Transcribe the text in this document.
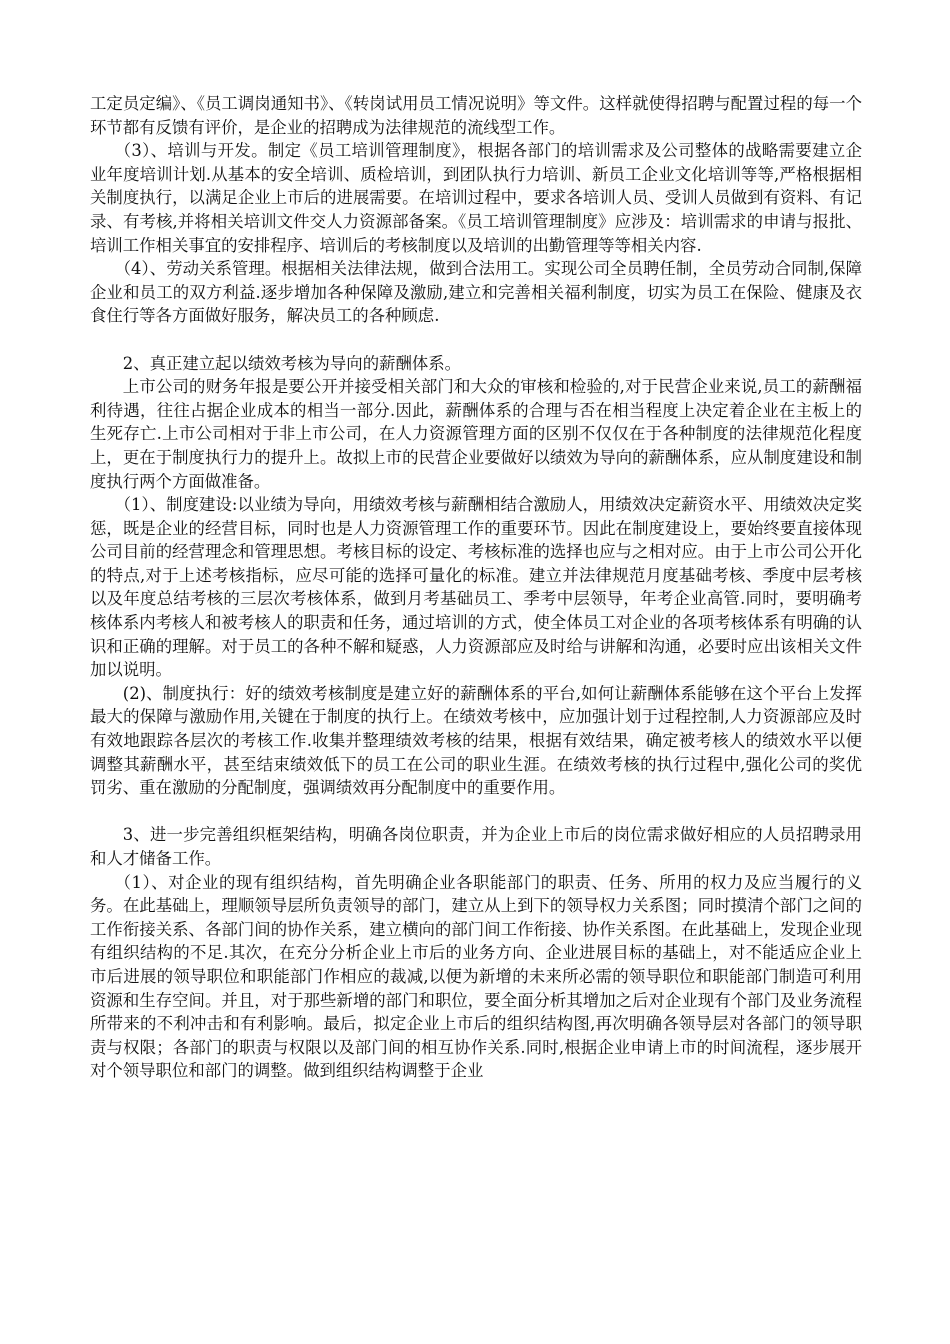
工定员定编》、《员工调岗通知书》、《转岗试用员工情况说明》等文件。这样就使得招聘与配置过程的每一个环节都有反馈有评价，是企业的招聘成为法律规范的流线型工作。

（3）、培训与开发。制定《员工培训管理制度》，根据各部门的培训需求及公司整体的战略需要建立企业年度培训计划.从基本的安全培训、质检培训，到团队执行力培训、新员工企业文化培训等等,严格根据相关制度执行，以满足企业上市后的进展需要。在培训过程中，要求各培训人员、受训人员做到有资料、有记录、有考核,并将相关培训文件交人力资源部备案。《员工培训管理制度》应涉及：培训需求的申请与报批、培训工作相关事宜的安排程序、培训后的考核制度以及培训的出勤管理等等相关内容.

（4）、劳动关系管理。根据相关法律法规，做到合法用工。实现公司全员聘任制，全员劳动合同制,保障企业和员工的双方利益.逐步增加各种保障及激励,建立和完善相关福利制度，切实为员工在保险、健康及衣食住行等各方面做好服务，解决员工的各种顾虑.

2、真正建立起以绩效考核为导向的薪酬体系。

上市公司的财务年报是要公开并接受相关部门和大众的审核和检验的,对于民营企业来说,员工的薪酬福利待遇，往往占据企业成本的相当一部分.因此，薪酬体系的合理与否在相当程度上决定着企业在主板上的生死存亡.上市公司相对于非上市公司，在人力资源管理方面的区别不仅仅在于各种制度的法律规范化程度上，更在于制度执行力的提升上。故拟上市的民营企业要做好以绩效为导向的薪酬体系，应从制度建设和制度执行两个方面做准备。

（1）、制度建设:以业绩为导向，用绩效考核与薪酬相结合激励人，用绩效决定薪资水平、用绩效决定奖惩，既是企业的经营目标，同时也是人力资源管理工作的重要环节。因此在制度建设上，要始终要直接体现公司目前的经营理念和管理思想。考核目标的设定、考核标准的选择也应与之相对应。由于上市公司公开化的特点,对于上述考核指标，应尽可能的选择可量化的标准。建立并法律规范月度基础考核、季度中层考核以及年度总结考核的三层次考核体系，做到月考基础员工、季考中层领导，年考企业高管.同时，要明确考核体系内考核人和被考核人的职责和任务，通过培训的方式，使全体员工对企业的各项考核体系有明确的认识和正确的理解。对于员工的各种不解和疑惑，人力资源部应及时给与讲解和沟通，必要时应出该相关文件加以说明。

(2)、制度执行：好的绩效考核制度是建立好的薪酬体系的平台,如何让薪酬体系能够在这个平台上发挥最大的保障与激励作用,关键在于制度的执行上。在绩效考核中，应加强计划于过程控制,人力资源部应及时有效地跟踪各层次的考核工作.收集并整理绩效考核的结果，根据有效结果，确定被考核人的绩效水平以便调整其薪酬水平，甚至结束绩效低下的员工在公司的职业生涯。在绩效考核的执行过程中,强化公司的奖优罚劣、重在激励的分配制度，强调绩效再分配制度中的重要作用。

3、进一步完善组织框架结构，明确各岗位职责，并为企业上市后的岗位需求做好相应的人员招聘录用和人才储备工作。

（1）、对企业的现有组织结构，首先明确企业各职能部门的职责、任务、所用的权力及应当履行的义务。在此基础上，理顺领导层所负责领导的部门，建立从上到下的领导权力关系图；同时摸清个部门之间的工作衔接关系、各部门间的协作关系，建立横向的部门间工作衔接、协作关系图。在此基础上，发现企业现有组织结构的不足.其次，在充分分析企业上市后的业务方向、企业进展目标的基础上，对不能适应企业上市后进展的领导职位和职能部门作相应的裁减,以便为新增的未来所必需的领导职位和职能部门制造可利用资源和生存空间。并且，对于那些新增的部门和职位，要全面分析其增加之后对企业现有个部门及业务流程所带来的不利冲击和有利影响。最后，拟定企业上市后的组织结构图,再次明确各领导层对各部门的领导职责与权限；各部门的职责与权限以及部门间的相互协作关系.同时,根据企业申请上市的时间流程，逐步展开对个领导职位和部门的调整。做到组织结构调整于企业
